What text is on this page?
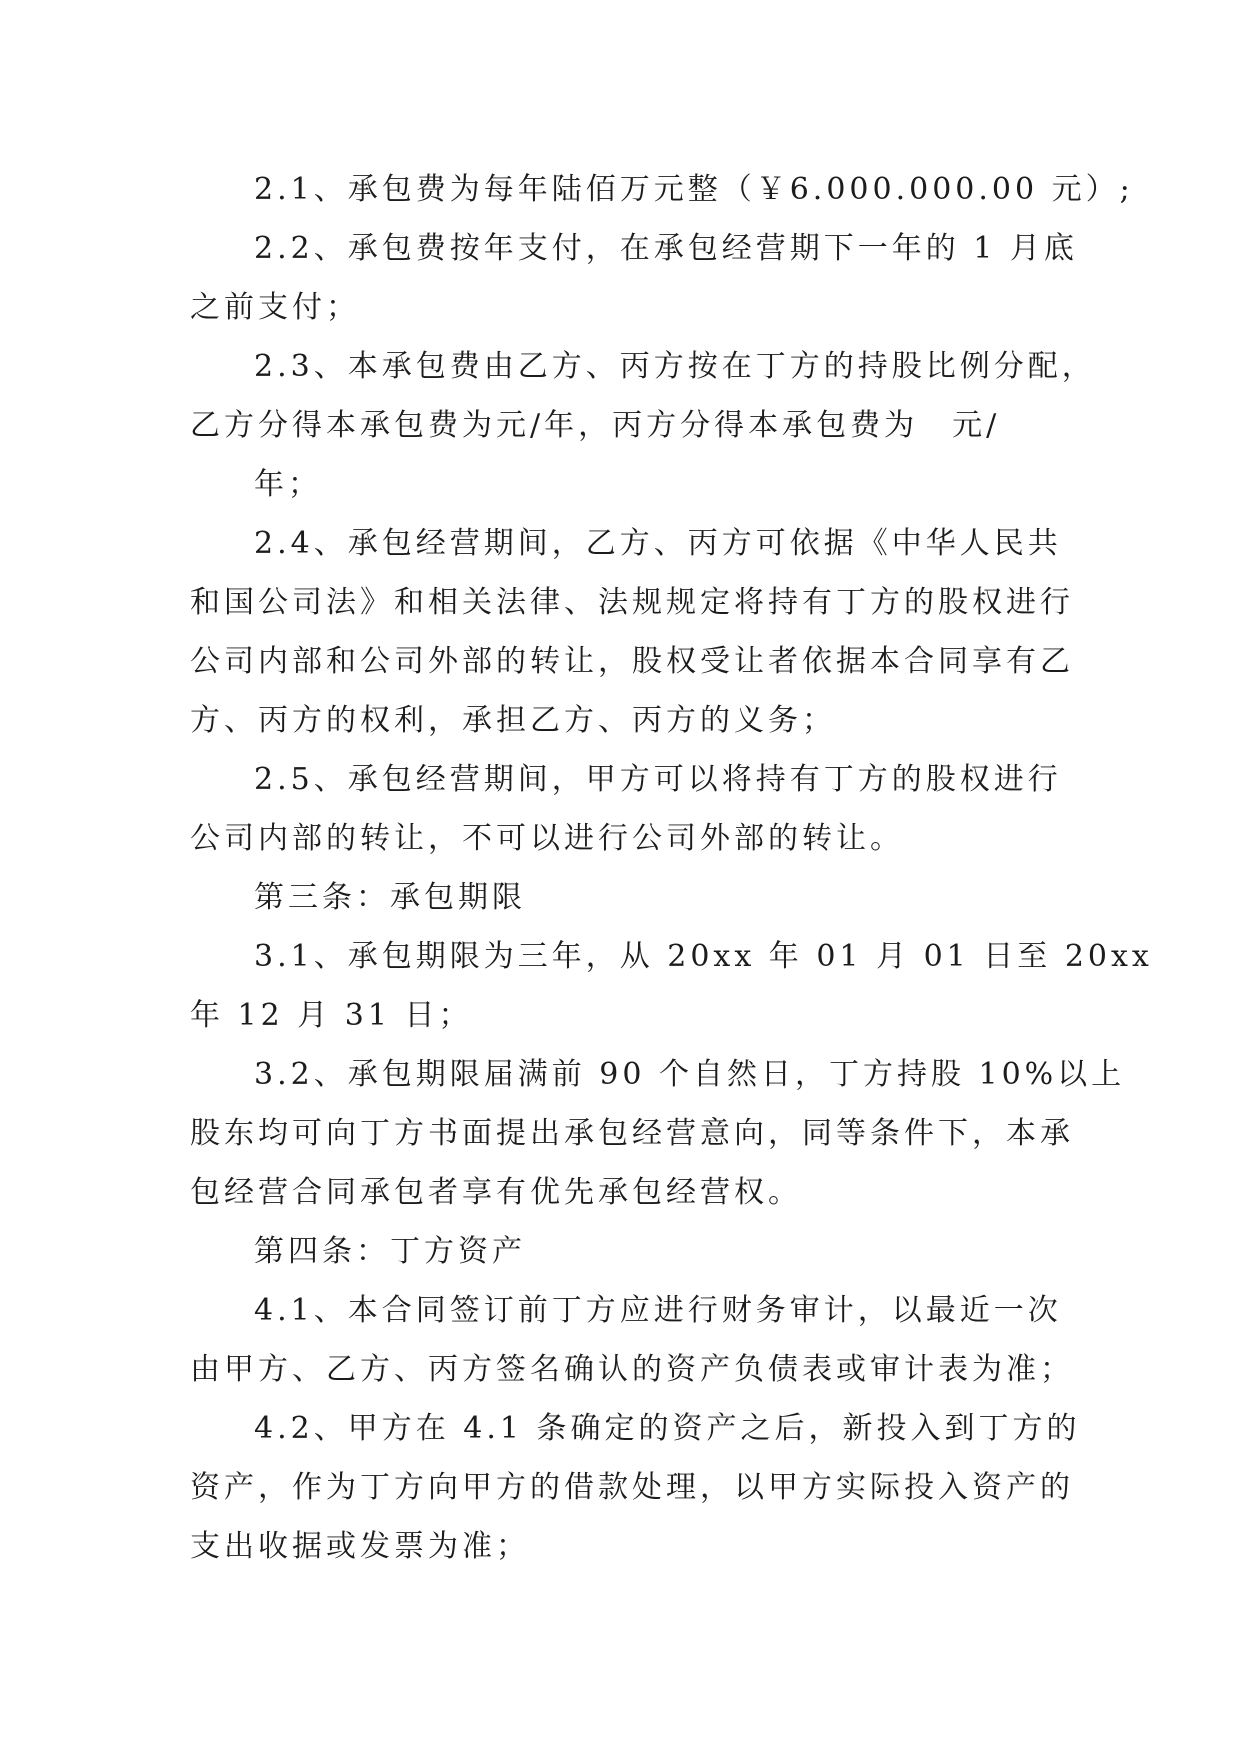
2.1、承包费为每年陆佰万元整（￥6.000.000.00 元）;

2.2、承包费按年支付，在承包经营期下一年的 1 月底

之前支付；

2.3、本承包费由乙方、丙方按在丁方的持股比例分配，

乙方分得本承包费为元/年，丙方分得本承包费为　元/

年；

2.4、承包经营期间，乙方、丙方可依据《中华人民共

和国公司法》和相关法律、法规规定将持有丁方的股权进行

公司内部和公司外部的转让，股权受让者依据本合同享有乙

方、丙方的权利，承担乙方、丙方的义务；

2.5、承包经营期间，甲方可以将持有丁方的股权进行

公司内部的转让，不可以进行公司外部的转让。

第三条：承包期限

3.1、承包期限为三年，从 20xx 年 01 月 01 日至 20xx

年 12 月 31 日；

3.2、承包期限届满前 90 个自然日，丁方持股 10%以上

股东均可向丁方书面提出承包经营意向，同等条件下，本承

包经营合同承包者享有优先承包经营权。

第四条：丁方资产

4.1、本合同签订前丁方应进行财务审计，以最近一次

由甲方、乙方、丙方签名确认的资产负债表或审计表为准；

4.2、甲方在 4.1 条确定的资产之后，新投入到丁方的

资产，作为丁方向甲方的借款处理，以甲方实际投入资产的

支出收据或发票为准；
